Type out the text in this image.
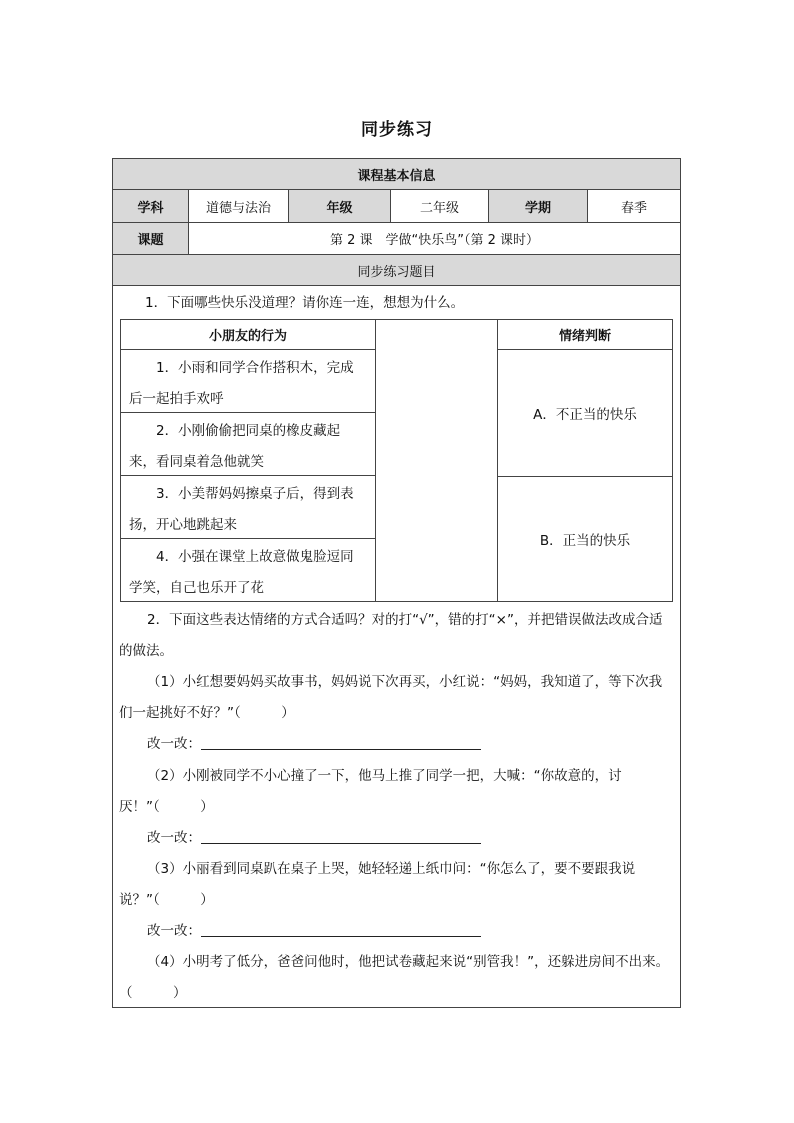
同步练习
课程基本信息
学科	道德与法治	年级	二年级	学期	春季
课题	第 2 课　学做“快乐鸟”（第 2 课时）
同步练习题目
1．下面哪些快乐没道理？请你连一连，想想为什么。
小朋友的行为	情绪判断
1．小雨和同学合作搭积木，完成后一起拍手欢呼
2．小刚偷偷把同桌的橡皮藏起来，看同桌着急他就笑
3．小美帮妈妈擦桌子后，得到表扬，开心地跳起来
4．小强在课堂上故意做鬼脸逗同学笑，自己也乐开了花
A．不正当的快乐
B．正当的快乐
2．下面这些表达情绪的方式合适吗？对的打“√”，错的打“×”，并把错误做法改成合适的做法。
（1）小红想要妈妈买故事书，妈妈说下次再买，小红说：“妈妈，我知道了，等下次我们一起挑好不好？”（　　　）
改一改：
（2）小刚被同学不小心撞了一下，他马上推了同学一把，大喊：“你故意的，讨厌！”（　　　）
改一改：
（3）小丽看到同桌趴在桌子上哭，她轻轻递上纸巾问：“你怎么了，要不要跟我说说？”（　　　）
改一改：
（4）小明考了低分，爸爸问他时，他把试卷藏起来说“别管我！”，还躲进房间不出来。（　　　）
